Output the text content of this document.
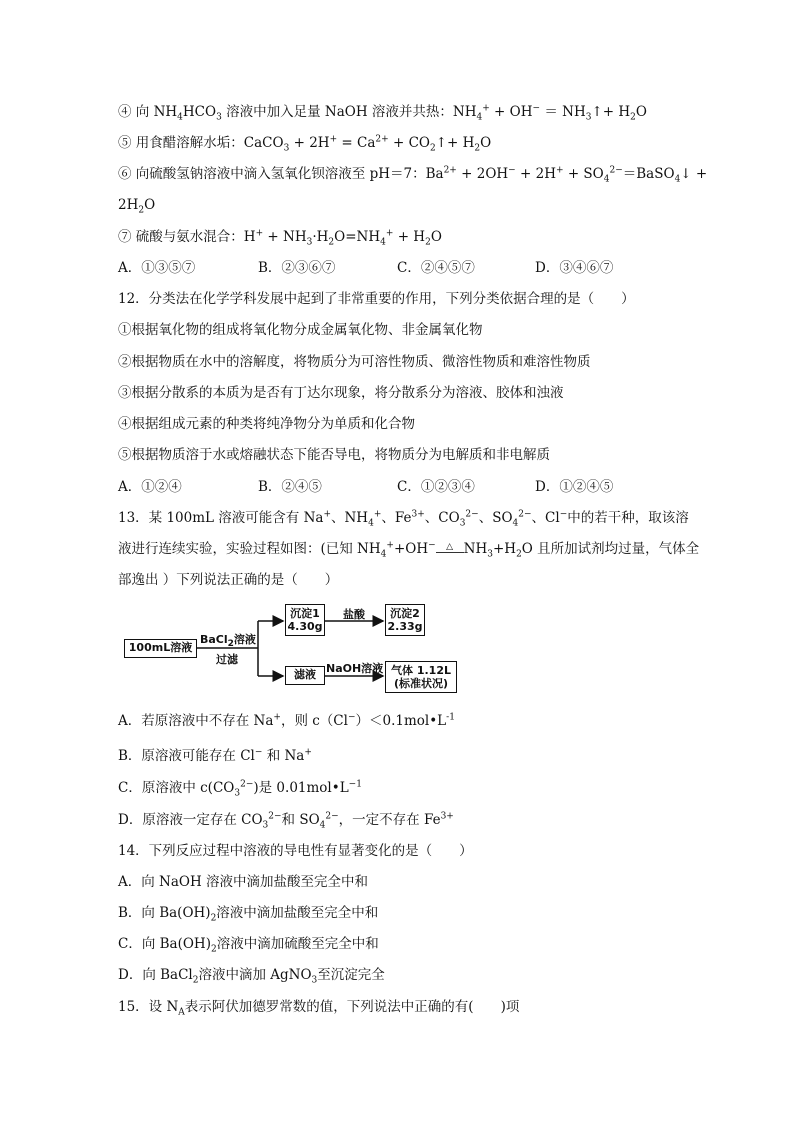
④ 向 $NH_4HCO_3$ 溶液中加入足量 NaOH 溶液并共热：$NH_4^+ + OH^-$ ＝ $NH_3↑+ H_2O$
⑤ 用食醋溶解水垢：CaCO$_3$ + $2H^+ = Ca^{2+}$ + $CO_2↑+ H_2O$
⑥ 向硫酸氢钠溶液中滴入氢氧化钡溶液至 pH＝7：$Ba^{2+} + 2OH^- + 2H^+$ + $SO_4^{2-}=BaSO_4↓$ +
$2H_2O$
⑦ 硫酸与氨水混合：$H^+ + NH_3\cdot H_2O=NH_4^+ + H_2O$
A．①③⑤⑦	B．②③⑥⑦	C．②④⑤⑦	D．③④⑥⑦
12．分类法在化学学科发展中起到了非常重要的作用，下列分类依据合理的是（　　）
①根据氧化物的组成将氧化物分成金属氧化物、非金属氧化物
②根据物质在水中的溶解度，将物质分为可溶性物质、微溶性物质和难溶性物质
③根据分散系的本质为是否有丁达尔现象，将分散系分为溶液、胶体和浊液
④根据组成元素的种类将纯净物分为单质和化合物
⑤根据物质溶于水或熔融状态下能否导电，将物质分为电解质和非电解质
A．①②④	B．②④⑤	C．①②③④	D．①②④⑤
13．某 100mL 溶液可能含有 Na+、$NH_4^+$、$Fe^{3+}$、$CO_3^{2-}$、$SO_4^{2-}$、Cl−中的若干种，取该溶
液进行连续实验，实验过程如图：(已知 $NH_4^++OH^-$ △ $NH_3+H_2O$ 且所加试剂均过量，气体全
部逸出 ）下列说法正确的是（　　）
100mL溶液
BaCl$_2$溶液
过滤
沉淀1
4.30g
盐酸	沉淀2
2.33g
滤液 NaOH溶液 气体 1.12L
(标准状况)
A．若原溶液中不存在 Na+，则 $c(Cl^-)<0.1mol•L^{-1}$
B．原溶液可能存在 Cl− 和 Na+
C．原溶液中 $c(CO_3^{2-})$是 $0.01mol•L^{-1}$
D．原溶液一定存在 $CO_3^{2-}$和 $SO_4^{2-}$，一定不存在 $Fe^{3+}$
14．下列反应过程中溶液的导电性有显著变化的是（　　）
A．向 NaOH 溶液中滴加盐酸至完全中和
B．向 $Ba(OH)_2$溶液中滴加盐酸至完全中和
C．向 $Ba(OH)_2$溶液中滴加硫酸至完全中和
D．向 BaCl$_2$溶液中滴加 AgNO$_3$至沉淀完全
15．设 $N_A$表示阿伏加德罗常数的值，下列说法中正确的有(　　)项
